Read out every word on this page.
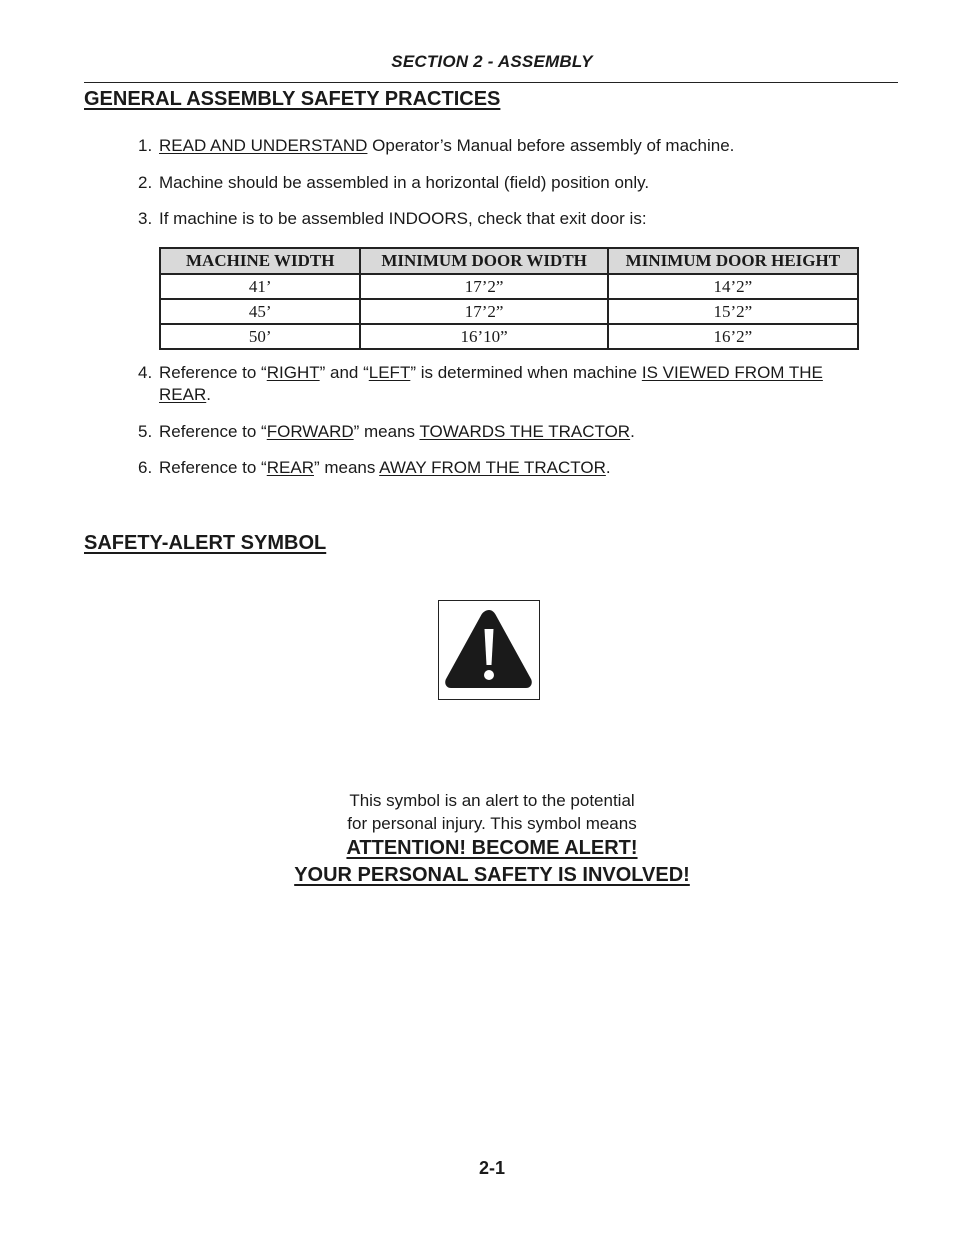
SECTION 2 - ASSEMBLY
GENERAL ASSEMBLY SAFETY PRACTICES
1. READ AND UNDERSTAND Operator’s Manual before assembly of machine.
2. Machine should be assembled in a horizontal (field) position only.
3. If machine is to be assembled INDOORS, check that exit door is:
MACHINE WIDTH	MINIMUM DOOR WIDTH	MINIMUM DOOR HEIGHT
41’	17’2”	14’2”
45’	17’2”	15’2”
50’	16’10”	16’2”
4. Reference to “RIGHT” and “LEFT” is determined when machine IS VIEWED FROM THE
REAR.
5. Reference to “FORWARD” means TOWARDS THE TRACTOR.
6. Reference to “REAR” means AWAY FROM THE TRACTOR.
SAFETY-ALERT SYMBOL
This symbol is an alert to the potential
for personal injury. This symbol means
ATTENTION! BECOME ALERT!
YOUR PERSONAL SAFETY IS INVOLVED!
2-1
